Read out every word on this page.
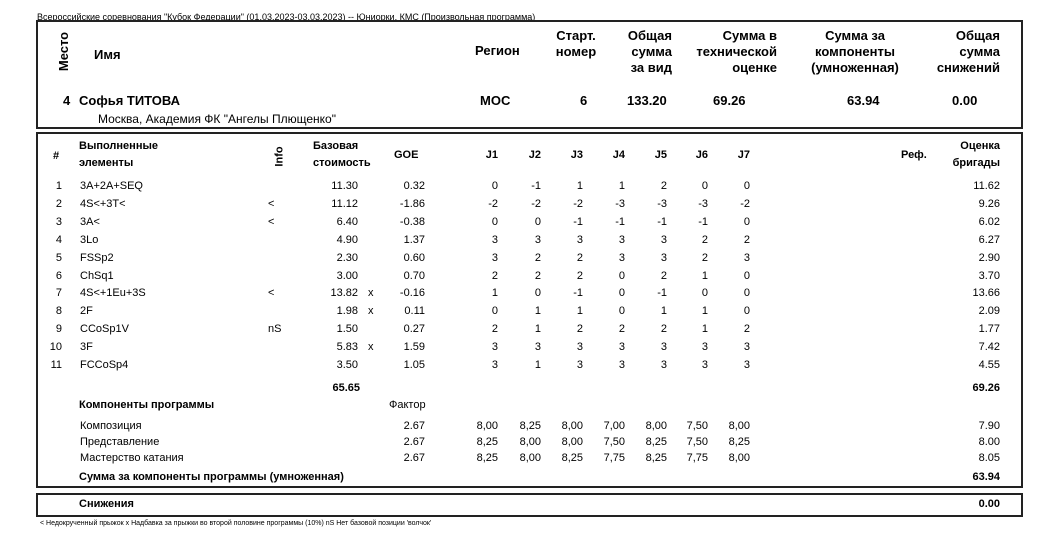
Всероссийские соревнования "Кубок Федерации" (01.03.2023-03.03.2023) -- Юниорки, КМС (Произвольная программа)
Место Имя	Регион
Старт.
номер
Общая
сумма
за вид
Сумма в
технической
оценке
Сумма за
компоненты
(умноженная)
Общая
сумма
снижений
4 Софья ТИТОВА
Москва, Академия ФК "Ангелы Плющенко"
МОС	6	133.20	69.26	63.94	0.00
#
Выполненные
элементы	Info
Базовая
стоимость
GOE	J1	J2	J3	J4	J5	J6	J7	Реф.
Оценка
бригады
1 3A+2A+SEQ	11.30	0.32	0	-1	1	1	2	0	0	11.62
2 4S<+3T<	<	11.12	-1.86	-2	-2	-2	-3	-3	-3	-2	9.26
3 3A<	<	6.40	-0.38	0	0	-1	-1	-1	-1	0	6.02
4 3Lo	4.90	1.37	3	3	3	3	3	2	2	6.27
5 FSSp2	2.30	0.60	3	2	2	3	3	2	3	2.90
6 ChSq1	3.00	0.70	2	2	2	0	2	1	0	3.70
7 4S<+1Eu+3S	<	13.82 x	-0.16	1	0	-1	0	-1	0	0	13.66
8 2F	1.98 x	0.11	0	1	1	0	1	1	0	2.09
9 CCoSp1V	nS	1.50	0.27	2	1	2	2	2	1	2	1.77
10 3F	5.83 x	1.59	3	3	3	3	3	3	3	7.42
11 FCCoSp4	3.50	1.05	3	1	3	3	3	3	3	4.55
65.65	69.26
Компоненты программы	Фактор
Композиция	2.67	8,00	8,25	8,00	7,00	8,00	7,50	8,00	7.90
Представление	2.67	8,25	8,00	8,00	7,50	8,25	7,50	8,25	8.00
Мастерство катания	2.67	8,25	8,00	8,25	7,75	8,25	7,75	8,00	8.05
Сумма за компоненты программы (умноженная)	63.94
Снижения	0.00
< Недокрученный прыжок x Надбавка за прыжки во второй половине программы (10%) nS Нет базовой позиции 'волчок'
